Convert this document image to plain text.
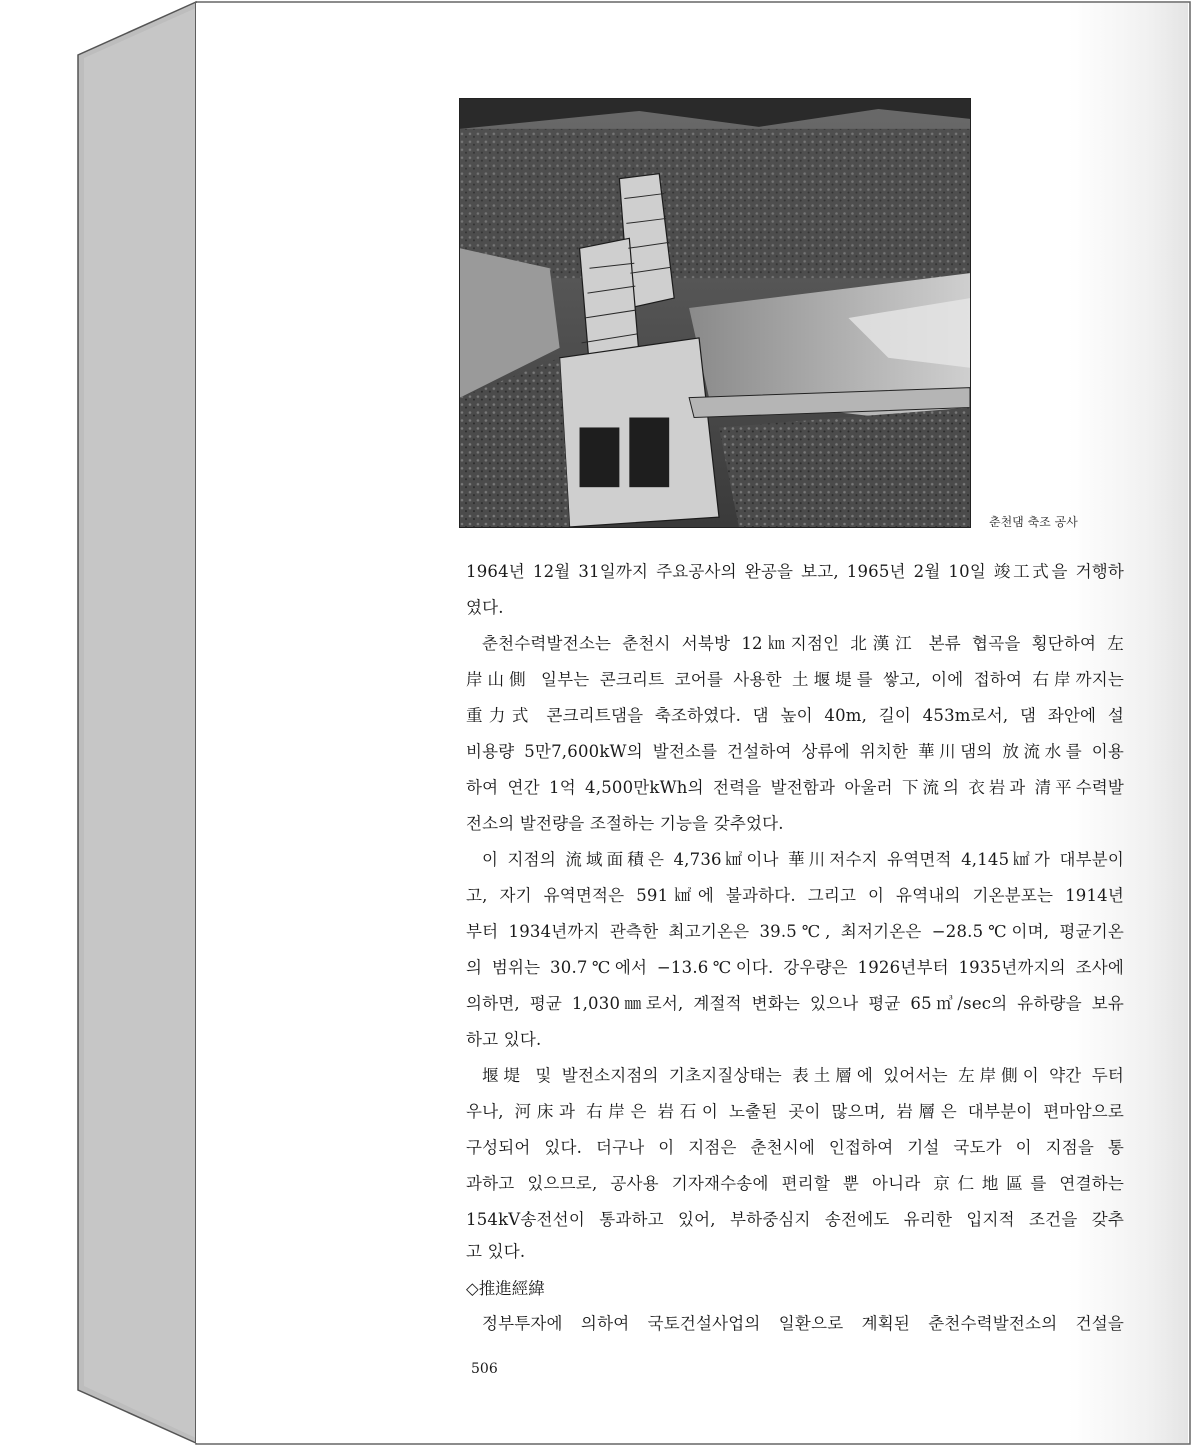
춘천댐 축조 공사
1964년 12월 31일까지 주요공사의 완공을 보고, 1965년 2월 10일 竣工式을 거행하
였다.
춘천수력발전소는 춘천시 서북방 12㎞지점인 北漢江 본류 협곡을 횡단하여 左
岸山側 일부는 콘크리트 코어를 사용한 土堰堤를 쌓고, 이에 접하여 右岸까지는
重力式 콘크리트댐을 축조하였다. 댐 높이 40m, 길이 453m로서, 댐 좌안에 설
비용량 5만7,600kW의 발전소를 건설하여 상류에 위치한 華川댐의 放流水를 이용
하여 연간 1억 4,500만kWh의 전력을 발전함과 아울러 下流의 衣岩과 清平수력발
전소의 발전량을 조절하는 기능을 갖추었다.
이 지점의 流域面積은 4,736㎢이나 華川저수지 유역면적 4,145㎢가 대부분이
고, 자기 유역면적은 591㎢에 불과하다. 그리고 이 유역내의 기온분포는 1914년
부터 1934년까지 관측한 최고기온은 39.5℃, 최저기온은 −28.5℃이며, 평균기온
의 범위는 30.7℃에서 −13.6℃이다. 강우량은 1926년부터 1935년까지의 조사에
의하면, 평균 1,030㎜로서, 계절적 변화는 있으나 평균 65㎥/sec의 유하량을 보유
하고 있다.
堰堤 및 발전소지점의 기초지질상태는 表土層에 있어서는 左岸側이 약간 두터
우나, 河床과 右岸은 岩石이 노출된 곳이 많으며, 岩層은 대부분이 편마암으로
구성되어 있다. 더구나 이 지점은 춘천시에 인접하여 기설 국도가 이 지점을 통
과하고 있으므로, 공사용 기자재수송에 편리할 뿐 아니라 京仁地區를 연결하는
154kV송전선이 통과하고 있어, 부하중심지 송전에도 유리한 입지적 조건을 갖추
고 있다.
◇推進經緯
정부투자에 의하여 국토건설사업의 일환으로 계획된 춘천수력발전소의 건설을
506
